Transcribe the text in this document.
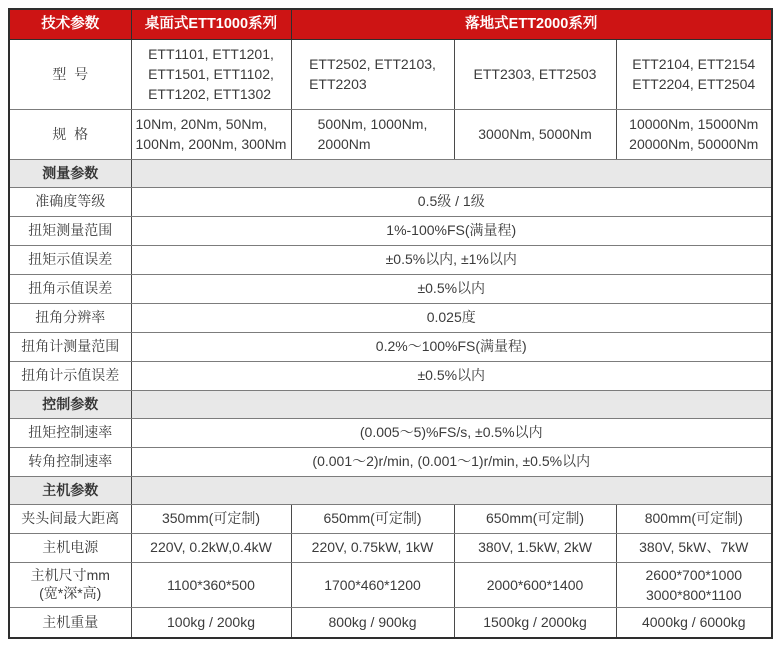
技术参数	桌面式ETT1000系列	落地式ETT2000系列		
型号	ETT1101, ETT1201,
ETT1501, ETT1102,
ETT1202, ETT1302	ETT2502, ETT2103,
ETT2203	ETT2303, ETT2503	ETT2104, ETT2154
ETT2204, ETT2504

规格	10Nm, 20Nm, 50Nm,
100Nm, 200Nm, 300Nm	500Nm, 1000Nm,
2000Nm	3000Nm, 5000Nm	10000Nm, 15000Nm
20000Nm, 50000Nm

测量参数				
准确度等级	0.5级 / 1级			
扭矩测量范围	1%-100%FS(满量程)			
扭矩示值误差	±0.5%以内, ±1%以内			
扭角示值误差	±0.5%以内			
扭角分辨率	0.025度			
扭角计测量范围	0.2%～100%FS(满量程)			
扭角计示值误差	±0.5%以内			
控制参数				
扭矩控制速率	(0.005～5)%FS/s, ±0.5%以内			
转角控制速率	(0.001～2)r/min, (0.001～1)r/min, ±0.5%以内			
主机参数				
夹头间最大距离	350mm(可定制)	650mm(可定制)	650mm(可定制)	800mm(可定制)
主机电源	220V, 0.2kW,0.4kW	220V, 0.75kW, 1kW	380V, 1.5kW, 2kW	380V, 5kW、7kW

主机尺寸mm
(宽*深*高)	1100*360*500	1700*460*1200	2000*600*1400	2600*700*1000
3000*800*1100

主机重量	100kg / 200kg	800kg / 900kg	1500kg / 2000kg	4000kg / 6000kg
